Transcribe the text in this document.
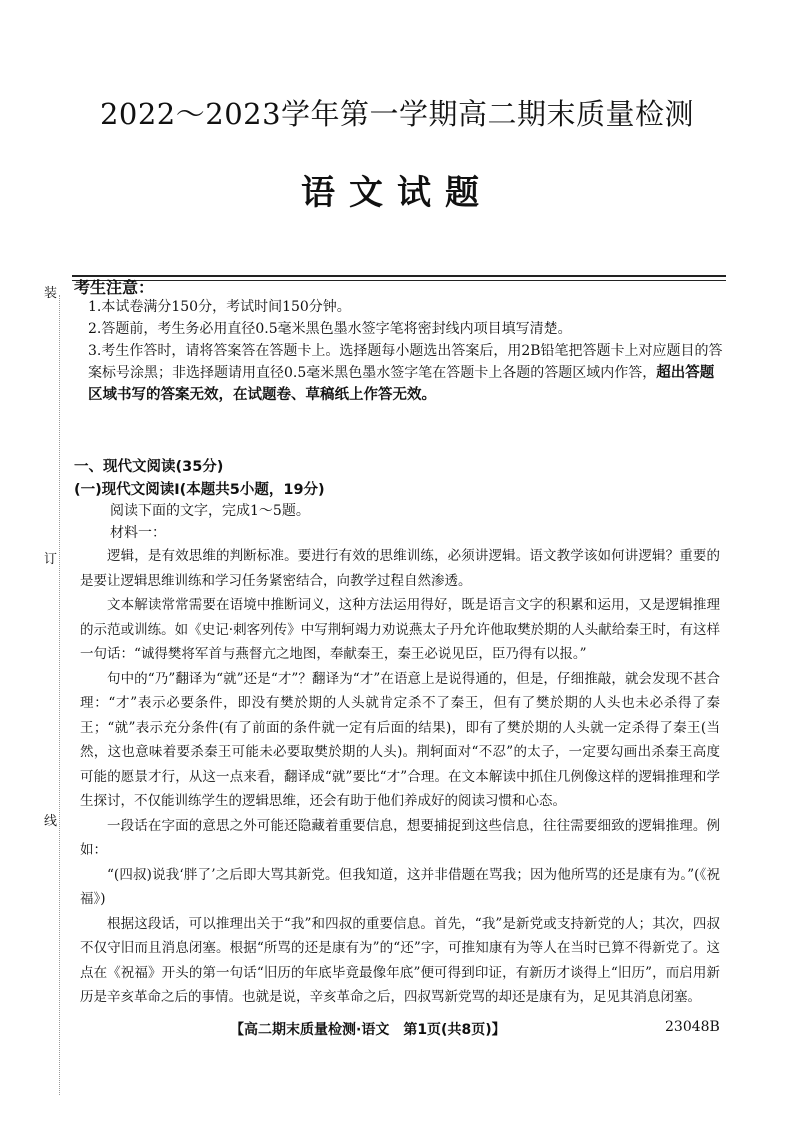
装
订
线
2022～2023学年第一学期高二期末质量检测
语文试题
考生注意：

1.本试卷满分150分，考试时间150分钟。

2.答题前，考生务必用直径0.5毫米黑色墨水签字笔将密封线内项目填写清楚。

3.考生作答时，请将答案答在答题卡上。选择题每小题选出答案后，用2B铅笔把答题卡上对应题目的答案标号涂黑；非选择题请用直径0.5毫米黑色墨水签字笔在答题卡上各题的答题区域内作答，超出答题区域书写的答案无效，在试题卷、草稿纸上作答无效。

一、现代文阅读(35分)
(一)现代文阅读Ⅰ(本题共5小题，19分)
阅读下面的文字，完成1～5题。
材料一：

逻辑，是有效思维的判断标准。要进行有效的思维训练，必须讲逻辑。语文教学该如何讲逻辑？重要的是要让逻辑思维训练和学习任务紧密结合，向教学过程自然渗透。

文本解读常常需要在语境中推断词义，这种方法运用得好，既是语言文字的积累和运用，又是逻辑推理的示范或训练。如《史记·刺客列传》中写荆轲竭力劝说燕太子丹允许他取樊於期的人头献给秦王时，有这样一句话：“诚得樊将军首与燕督亢之地图，奉献秦王，秦王必说见臣，臣乃得有以报。”

句中的“乃”翻译为“就”还是“才”？翻译为“才”在语意上是说得通的，但是，仔细推敲，就会发现不甚合理：“才”表示必要条件，即没有樊於期的人头就肯定杀不了秦王，但有了樊於期的人头也未必杀得了秦王；“就”表示充分条件(有了前面的条件就一定有后面的结果)，即有了樊於期的人头就一定杀得了秦王(当然，这也意味着要杀秦王可能未必要取樊於期的人头)。荆轲面对“不忍”的太子，一定要勾画出杀秦王高度可能的愿景才行，从这一点来看，翻译成“就”要比“才”合理。在文本解读中抓住几例像这样的逻辑推理和学生探讨，不仅能训练学生的逻辑思维，还会有助于他们养成好的阅读习惯和心态。

一段话在字面的意思之外可能还隐藏着重要信息，想要捕捉到这些信息，往往需要细致的逻辑推理。例如：

“(四叔)说我‘胖了’之后即大骂其新党。但我知道，这并非借题在骂我；因为他所骂的还是康有为。”(《祝福》)

根据这段话，可以推理出关于“我”和四叔的重要信息。首先，“我”是新党或支持新党的人；其次，四叔不仅守旧而且消息闭塞。根据“所骂的还是康有为”的“还”字，可推知康有为等人在当时已算不得新党了。这点在《祝福》开头的第一句话“旧历的年底毕竟最像年底”便可得到印证，有新历才谈得上“旧历”，而启用新历是辛亥革命之后的事情。也就是说，辛亥革命之后，四叔骂新党骂的却还是康有为，足见其消息闭塞。

【高二期末质量检测·语文　第1页(共8页)】	23048B
